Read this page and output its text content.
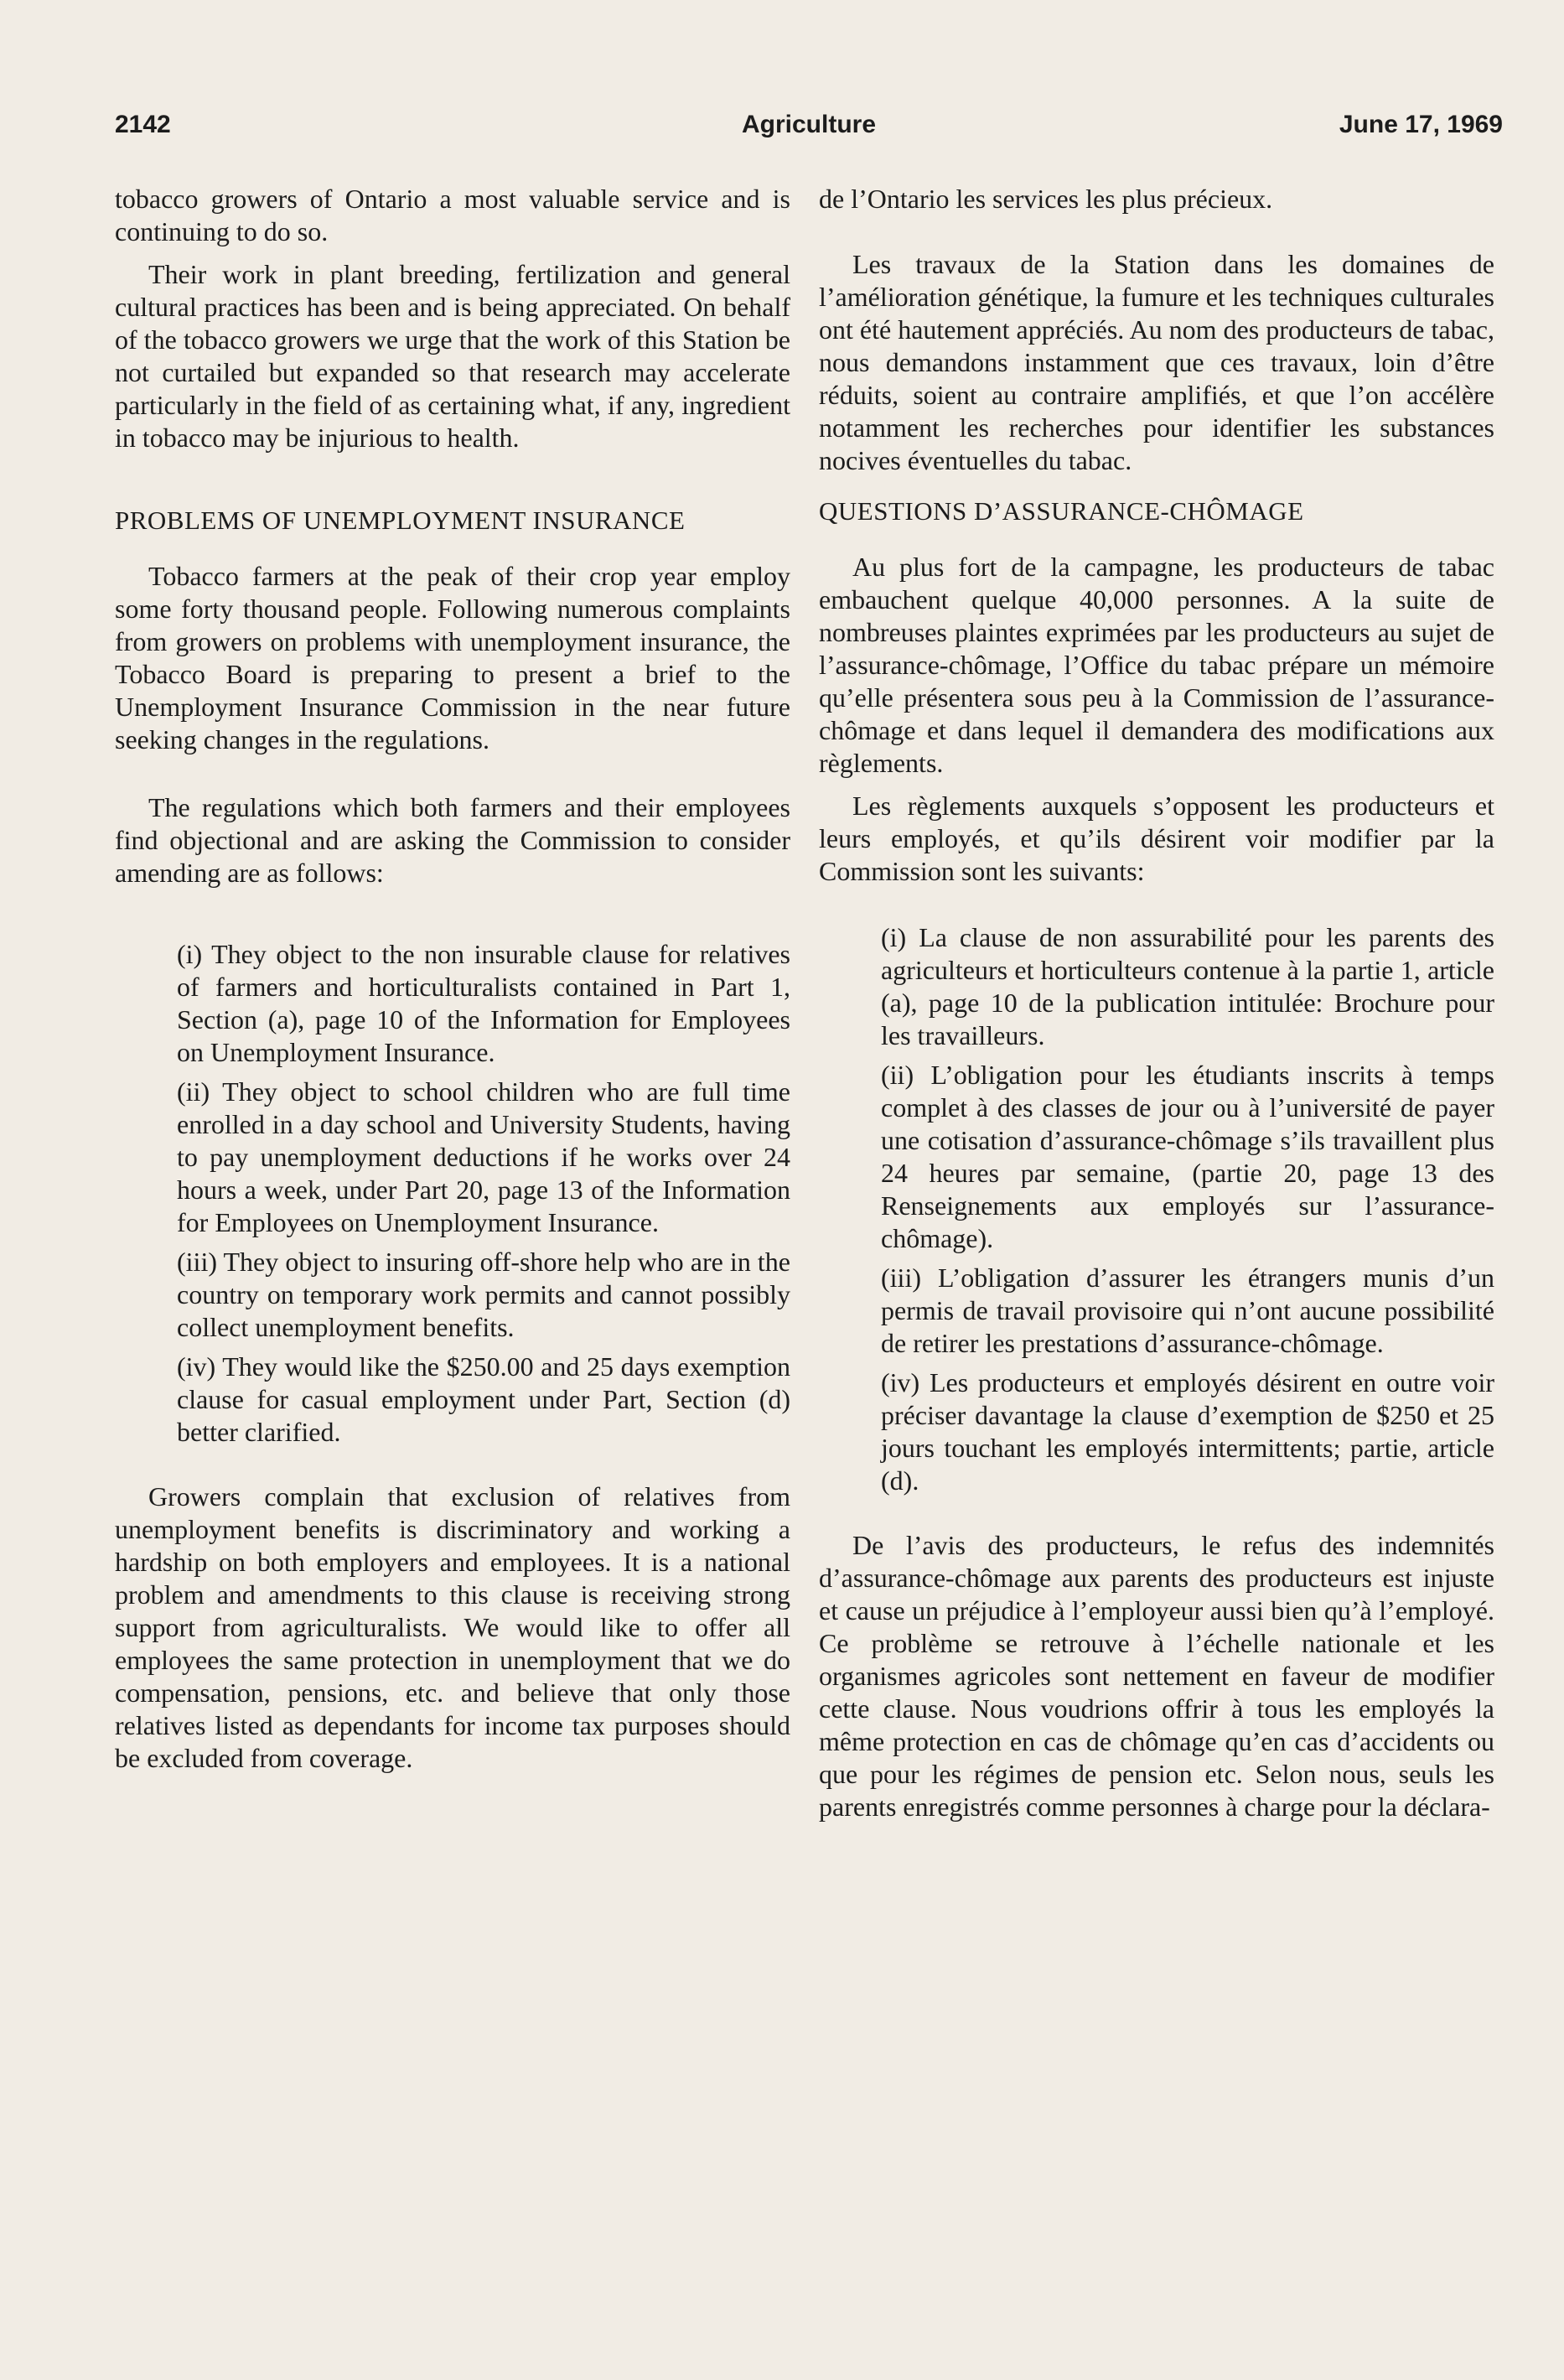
2142	Agriculture	June 17, 1969

tobacco growers of Ontario a most valuable service and is continuing to do so.

Their work in plant breeding, fertilization and general cultural practices has been and is being appreciated. On behalf of the tobacco growers we urge that the work of this Station be not curtailed but expanded so that research may accelerate particularly in the field of as certaining what, if any, ingredient in tobacco may be injurious to health.

PROBLEMS OF UNEMPLOYMENT INSURANCE

Tobacco farmers at the peak of their crop year employ some forty thousand people. Following numerous complaints from growers on problems with unemployment insurance, the Tobacco Board is preparing to present a brief to the Unemployment Insurance Commission in the near future seeking changes in the regulations.

The regulations which both farmers and their employees find objectional and are asking the Commission to consider amending are as follows:

(i) They object to the non insurable clause for relatives of farmers and horticulturalists contained in Part 1, Section (a), page 10 of the Information for Employees on Unemployment Insurance.
(ii) They object to school children who are full time enrolled in a day school and University Students, having to pay unemployment deductions if he works over 24 hours a week, under Part 20, page 13 of the Information for Employees on Unemployment Insurance.
(iii) They object to insuring off-shore help who are in the country on temporary work permits and cannot possibly collect unemployment benefits.
(iv) They would like the $250.00 and 25 days exemption clause for casual employment under Part, Section (d) better clarified.

Growers complain that exclusion of relatives from unemployment benefits is discriminatory and working a hardship on both employers and employees. It is a national problem and amendments to this clause is receiving strong support from agriculturalists. We would like to offer all employees the same protection in unemployment that we do compensation, pensions, etc. and believe that only those relatives listed as dependants for income tax purposes should be excluded from coverage.

de l’Ontario les services les plus précieux.

Les travaux de la Station dans les domaines de l’amélioration génétique, la fumure et les techniques culturales ont été hautement appréciés. Au nom des producteurs de tabac, nous demandons instamment que ces travaux, loin d’être réduits, soient au contraire amplifiés, et que l’on accélère notamment les recherches pour identifier les substances nocives éventuelles du tabac.

QUESTIONS D’ASSURANCE-CHÔMAGE

Au plus fort de la campagne, les producteurs de tabac embauchent quelque 40,000 personnes. A la suite de nombreuses plaintes exprimées par les producteurs au sujet de l’assurance-chômage, l’Office du tabac prépare un mémoire qu’elle présentera sous peu à la Commission de l’assurance-chômage et dans lequel il demandera des modifications aux règlements.

Les règlements auxquels s’opposent les producteurs et leurs employés, et qu’ils désirent voir modifier par la Commission sont les suivants:

(i) La clause de non assurabilité pour les parents des agriculteurs et horticulteurs contenue à la partie 1, article (a), page 10 de la publication intitulée: Brochure pour les travailleurs.
(ii) L’obligation pour les étudiants inscrits à temps complet à des classes de jour ou à l’université de payer une cotisation d’assurance-chômage s’ils travaillent plus 24 heures par semaine, (partie 20, page 13 des Renseignements aux employés sur l’assurance-chômage).
(iii) L’obligation d’assurer les étrangers munis d’un permis de travail provisoire qui n’ont aucune possibilité de retirer les prestations d’assurance-chômage.
(iv) Les producteurs et employés désirent en outre voir préciser davantage la clause d’exemption de $250 et 25 jours touchant les employés intermittents; partie, article (d).

De l’avis des producteurs, le refus des indemnités d’assurance-chômage aux parents des producteurs est injuste et cause un préjudice à l’employeur aussi bien qu’à l’employé. Ce problème se retrouve à l’échelle nationale et les organismes agricoles sont nettement en faveur de modifier cette clause. Nous voudrions offrir à tous les employés la même protection en cas de chômage qu’en cas d’accidents ou que pour les régimes de pension etc. Selon nous, seuls les parents enregistrés comme personnes à charge pour la déclara-
